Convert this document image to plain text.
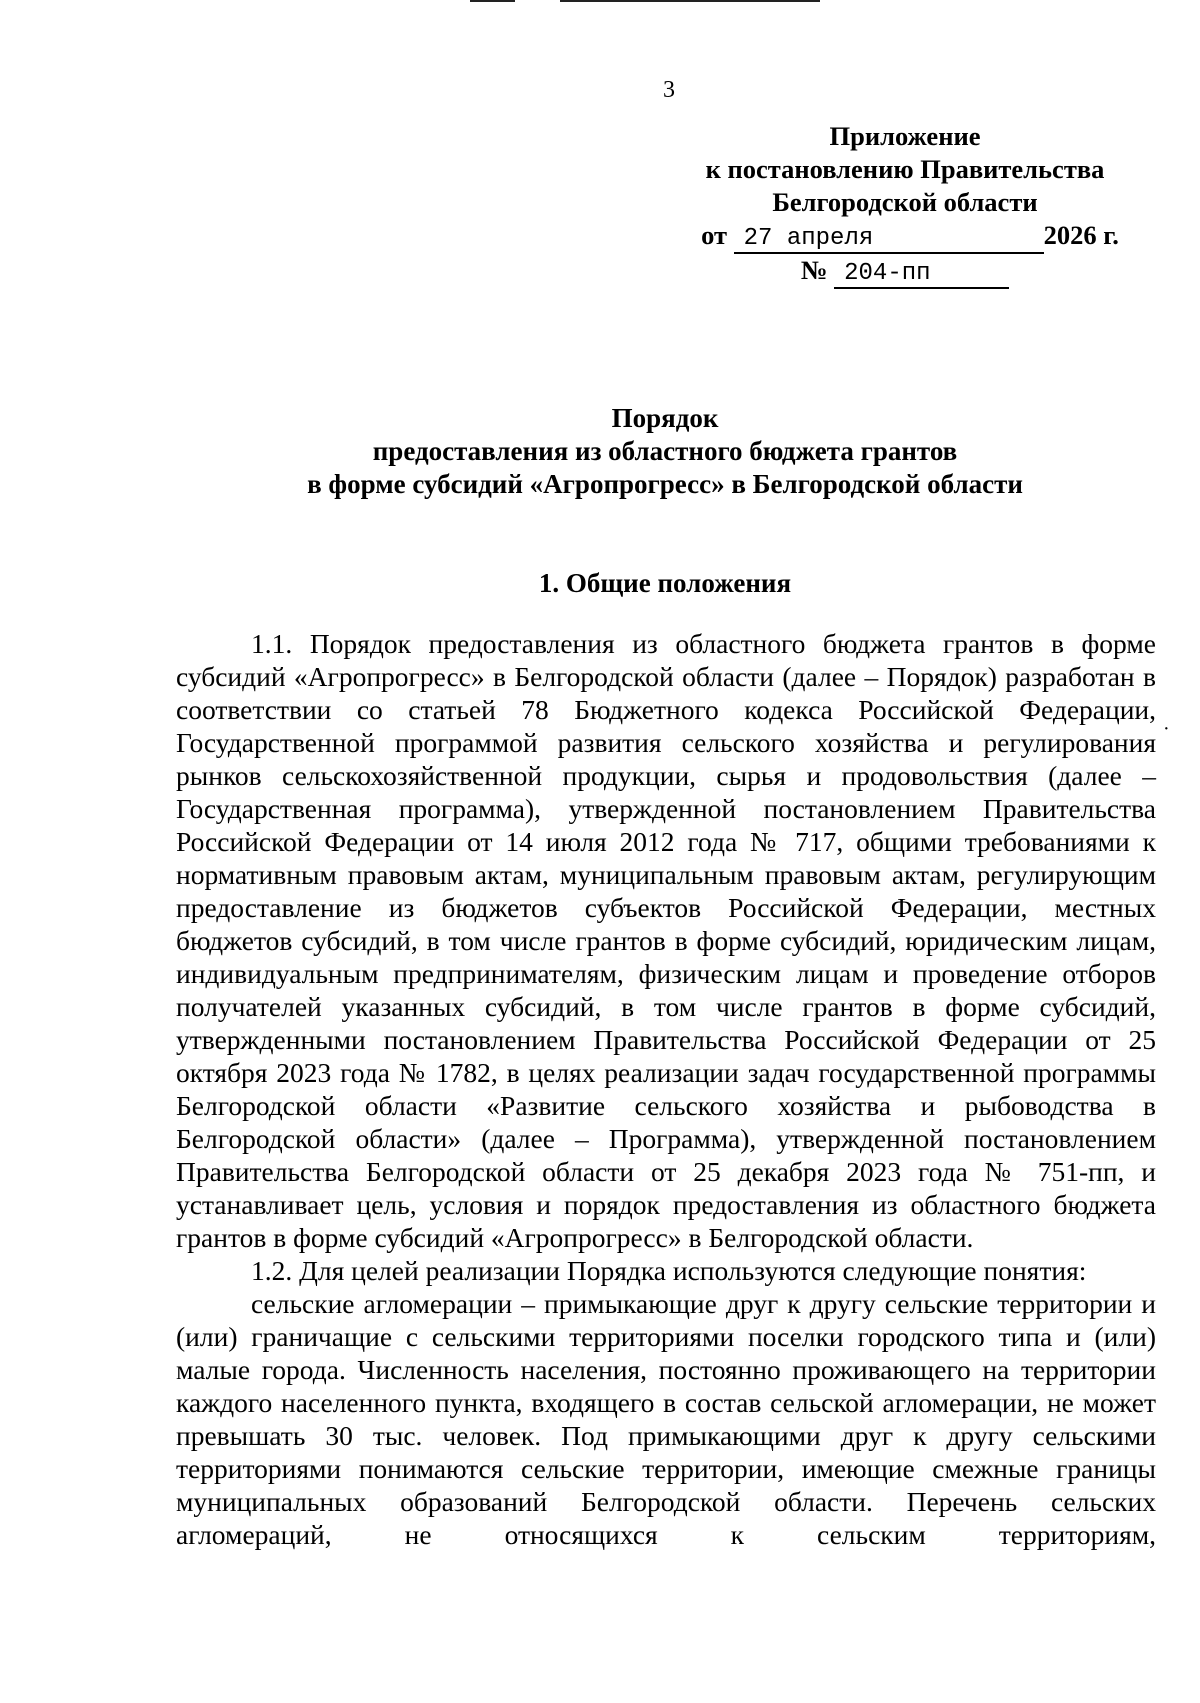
3
Приложение
к постановлению Правительства
Белгородской области
от 27 апреля	2026 г.
№ 204-пп
Порядок
предоставления из областного бюджета грантов
в форме субсидий «Агропрогресс» в Белгородской области
1. Общие положения

1.1. Порядок предоставления из областного бюджета грантов в форме субсидий «Агропрогресс» в Белгородской области (далее – Порядок) разработан в соответствии со статьей 78 Бюджетного кодекса Российской Федерации, Государственной программой развития сельского хозяйства и регулирования рынков сельскохозяйственной продукции, сырья и продовольствия (далее – Государственная программа), утвержденной постановлением Правительства Российской Федерации от 14 июля 2012 года № 717, общими требованиями к нормативным правовым актам, муниципальным правовым актам, регулирующим предоставление из бюджетов субъектов Российской Федерации, местных бюджетов субсидий, в том числе грантов в форме субсидий, юридическим лицам, индивидуальным предпринимателям, физическим лицам и проведение отборов получателей указанных субсидий, в том числе грантов в форме субсидий, утвержденными постановлением Правительства Российской Федерации от 25 октября 2023 года № 1782, в целях реализации задач государственной программы Белгородской области «Развитие сельского хозяйства и рыбоводства в Белгородской области» (далее – Программа), утвержденной постановлением Правительства Белгородской области от 25 декабря 2023 года № 751-пп, и устанавливает цель, условия и порядок предоставления из областного бюджета грантов в форме субсидий «Агропрогресс» в Белгородской области.

1.2. Для целей реализации Порядка используются следующие понятия:

сельские агломерации – примыкающие друг к другу сельские территории и (или) граничащие с сельскими территориями поселки городского типа и (или) малые города. Численность населения, постоянно проживающего на территории каждого населенного пункта, входящего в состав сельской агломерации, не может превышать 30 тыс. человек. Под примыкающими друг к другу сельскими территориями понимаются сельские территории, имеющие смежные границы муниципальных образований Белгородской области. Перечень сельских агломераций, не относящихся к сельским территориям,

·
